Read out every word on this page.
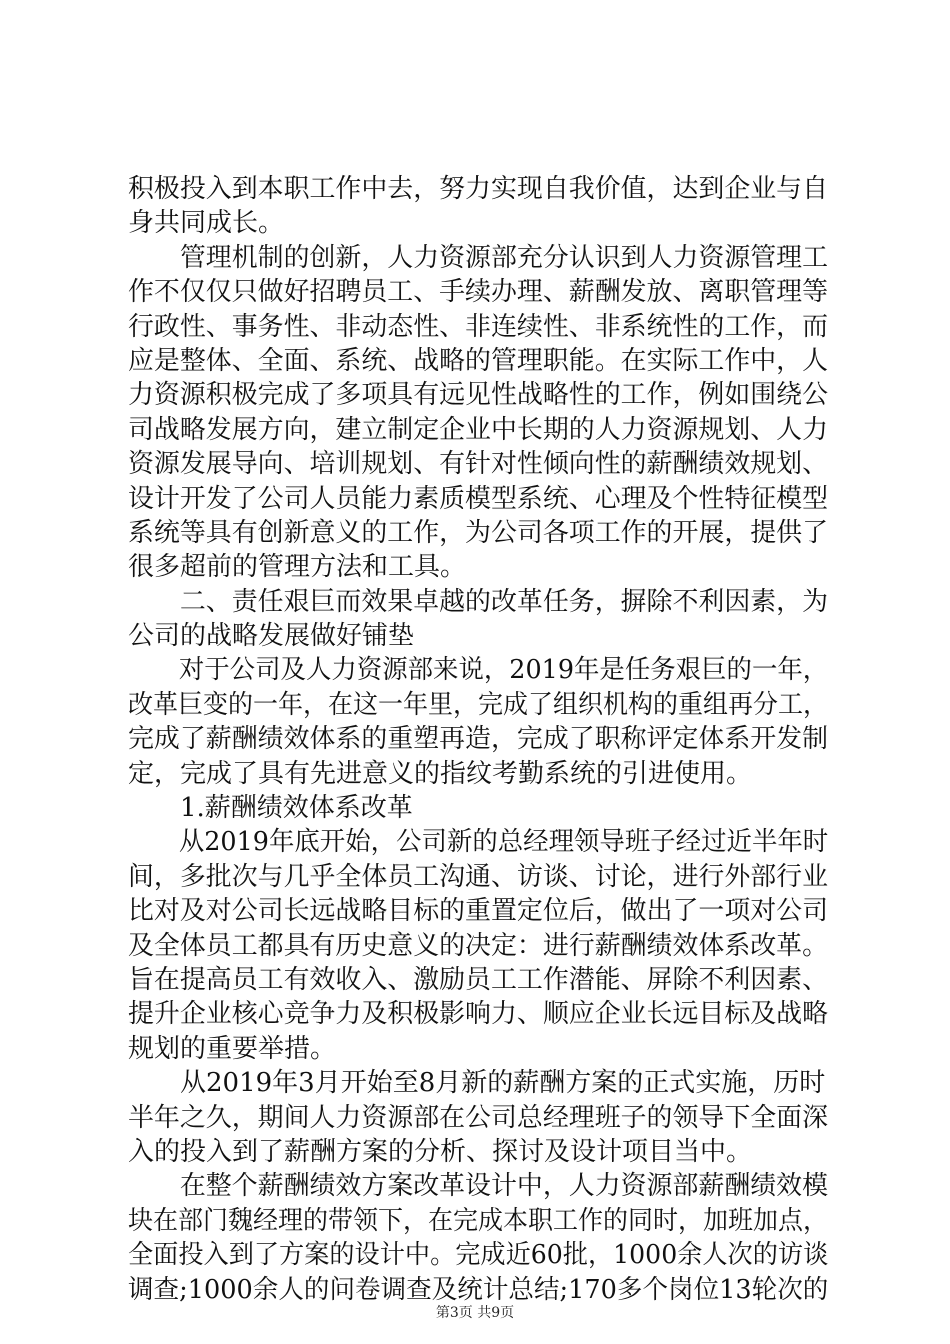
积极投入到本职工作中去，努力实现自我价值，达到企业与自
身共同成长。
　　管理机制的创新，人力资源部充分认识到人力资源管理工
作不仅仅只做好招聘员工、手续办理、薪酬发放、离职管理等
行政性、事务性、非动态性、非连续性、非系统性的工作，而
应是整体、全面、系统、战略的管理职能。在实际工作中，人
力资源积极完成了多项具有远见性战略性的工作，例如围绕公
司战略发展方向，建立制定企业中长期的人力资源规划、人力
资源发展导向、培训规划、有针对性倾向性的薪酬绩效规划、
设计开发了公司人员能力素质模型系统、心理及个性特征模型
系统等具有创新意义的工作，为公司各项工作的开展，提供了
很多超前的管理方法和工具。
　　二、责任艰巨而效果卓越的改革任务，摒除不利因素，为
公司的战略发展做好铺垫
　　对于公司及人力资源部来说，2019年是任务艰巨的一年，
改革巨变的一年，在这一年里，完成了组织机构的重组再分工，
完成了薪酬绩效体系的重塑再造，完成了职称评定体系开发制
定，完成了具有先进意义的指纹考勤系统的引进使用。
　　1.薪酬绩效体系改革
　　从2019年底开始，公司新的总经理领导班子经过近半年时
间，多批次与几乎全体员工沟通、访谈、讨论，进行外部行业
比对及对公司长远战略目标的重置定位后，做出了一项对公司
及全体员工都具有历史意义的决定：进行薪酬绩效体系改革。
旨在提高员工有效收入、激励员工工作潜能、屏除不利因素、
提升企业核心竞争力及积极影响力、顺应企业长远目标及战略
规划的重要举措。
　　从2019年3月开始至8月新的薪酬方案的正式实施，历时
半年之久，期间人力资源部在公司总经理班子的领导下全面深
入的投入到了薪酬方案的分析、探讨及设计项目当中。
　　在整个薪酬绩效方案改革设计中，人力资源部薪酬绩效模
块在部门魏经理的带领下，在完成本职工作的同时，加班加点，
全面投入到了方案的设计中。完成近60批，1000余人次的访谈
调查;1000余人的问卷调查及统计总结;170多个岗位13轮次的
第3页 共9页
